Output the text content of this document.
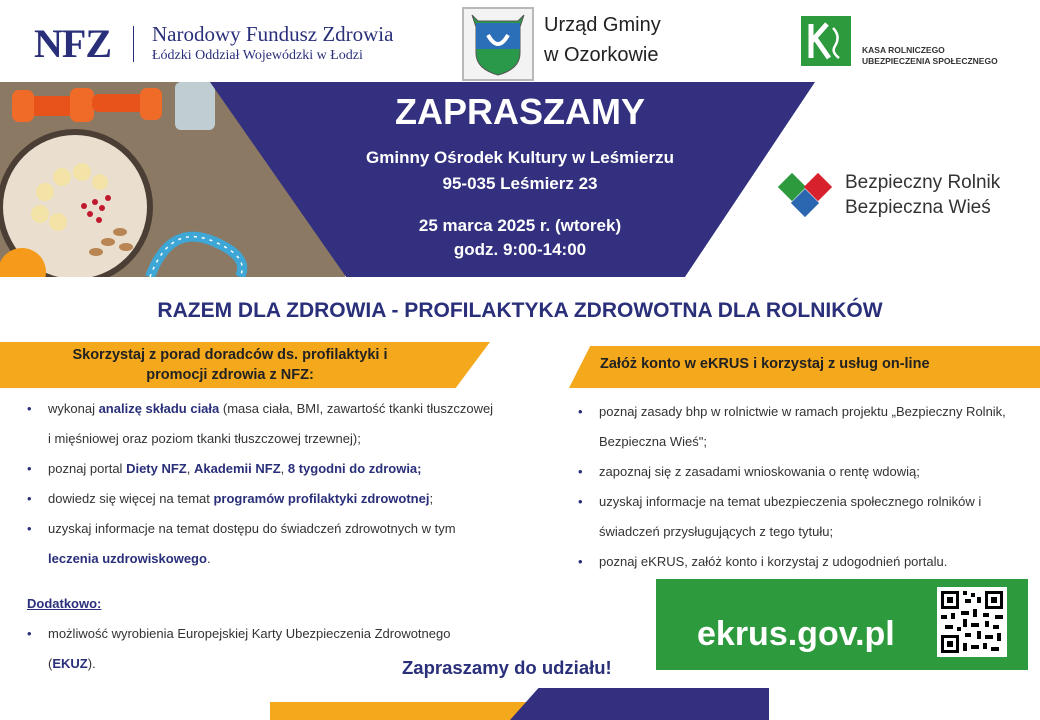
NFZ Narodowy Fundusz Zdrowia
Łódzki Oddział Wojewódzki w Łodzi
Urząd Gminy
w Ozorkowie	KASA ROLNICZEGO
UBEZPIECZENIA SPOŁECZNEGO
ZAPRASZAMY
Gminny Ośrodek Kultury w Leśmierzu
95-035 Leśmierz 23
25 marca 2025 r. (wtorek)
godz. 9:00-14:00
Bezpieczny Rolnik
Bezpieczna Wieś
RAZEM DLA ZDROWIA - PROFILAKTYKA ZDROWOTNA DLA ROLNIKÓW
Skorzystaj z porad doradców ds. profilaktyki i
promocji zdrowia z NFZ:
• wykonaj analizę składu ciała (masa ciała, BMI, zawartość tkanki tłuszczowej i mięśniowej oraz poziom tkanki tłuszczowej trzewnej);
• poznaj portal Diety NFZ, Akademii NFZ, 8 tygodni do zdrowia;
• dowiedz się więcej na temat programów profilaktyki zdrowotnej;
• uzyskaj informacje na temat dostępu do świadczeń zdrowotnych w tym leczenia uzdrowiskowego.
Dodatkowo:
• możliwość wyrobienia Europejskiej Karty Ubezpieczenia Zdrowotnego (EKUZ).
Załóż konto w eKRUS i korzystaj z usług on-line
• poznaj zasady bhp w rolnictwie w ramach projektu „Bezpieczny Rolnik, Bezpieczna Wieś";
• zapoznaj się z zasadami wnioskowania o rentę wdowią;
• uzyskaj informacje na temat ubezpieczenia społecznego rolników i świadczeń przysługujących z tego tytułu;
• poznaj eKRUS, załóż konto i korzystaj z udogodnień portalu.
ekrus.gov.pl
Zapraszamy do udziału!
